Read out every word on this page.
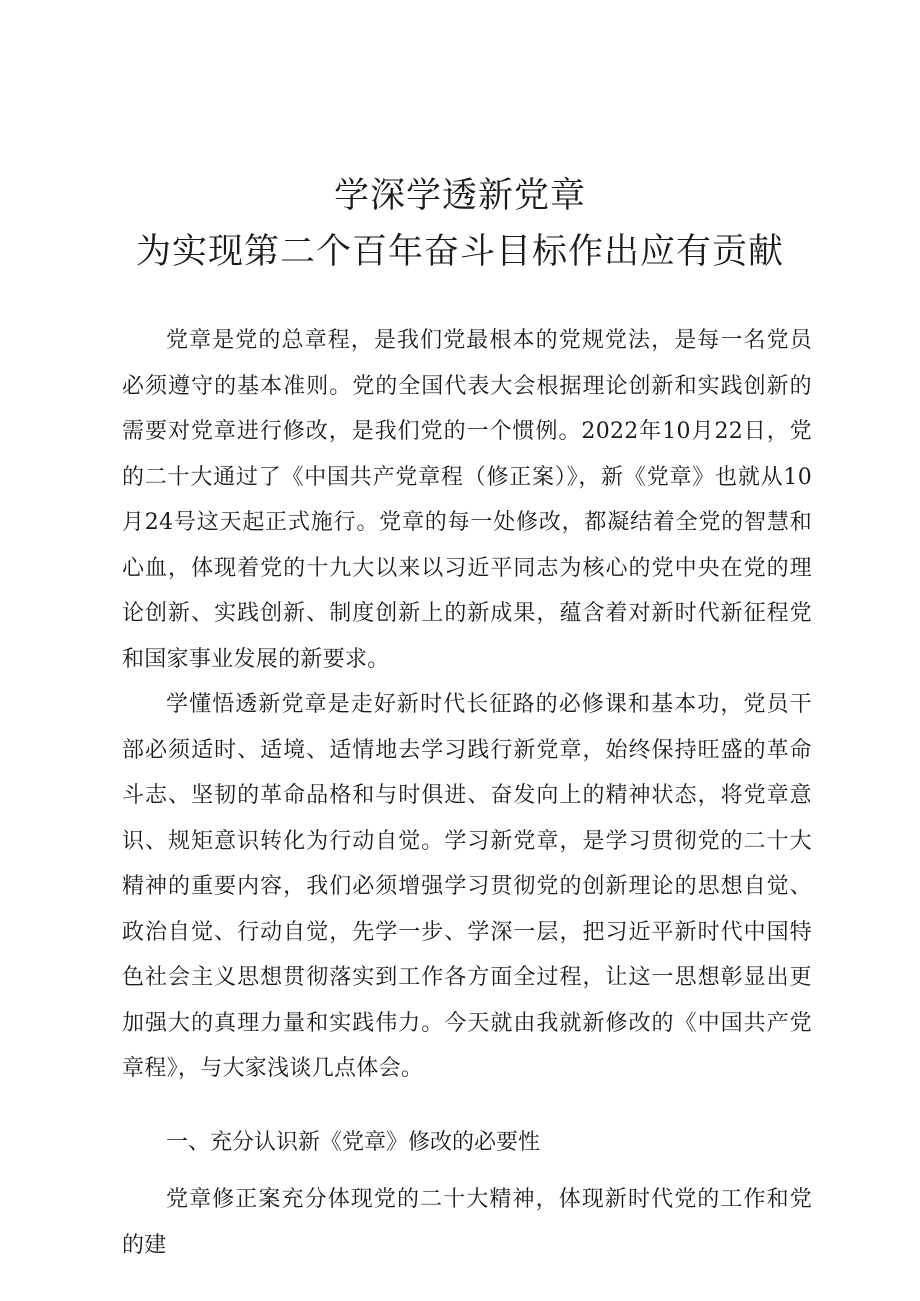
学深学透新党章
为实现第二个百年奋斗目标作出应有贡献

党章是党的总章程，是我们党最根本的党规党法，是每一名党员必须遵守的基本准则。党的全国代表大会根据理论创新和实践创新的需要对党章进行修改，是我们党的一个惯例。2022年10月22日，党的二十大通过了《中国共产党章程（修正案）》，新《党章》也就从10月24号这天起正式施行。党章的每一处修改，都凝结着全党的智慧和心血，体现着党的十九大以来以习近平同志为核心的党中央在党的理论创新、实践创新、制度创新上的新成果，蕴含着对新时代新征程党和国家事业发展的新要求。

学懂悟透新党章是走好新时代长征路的必修课和基本功，党员干部必须适时、适境、适情地去学习践行新党章，始终保持旺盛的革命斗志、坚韧的革命品格和与时俱进、奋发向上的精神状态，将党章意识、规矩意识转化为行动自觉。学习新党章，是学习贯彻党的二十大精神的重要内容，我们必须增强学习贯彻党的创新理论的思想自觉、政治自觉、行动自觉，先学一步、学深一层，把习近平新时代中国特色社会主义思想贯彻落实到工作各方面全过程，让这一思想彰显出更加强大的真理力量和实践伟力。今天就由我就新修改的《中国共产党章程》，与大家浅谈几点体会。

一、充分认识新《党章》修改的必要性

党章修正案充分体现党的二十大精神，体现新时代党的工作和党的建
